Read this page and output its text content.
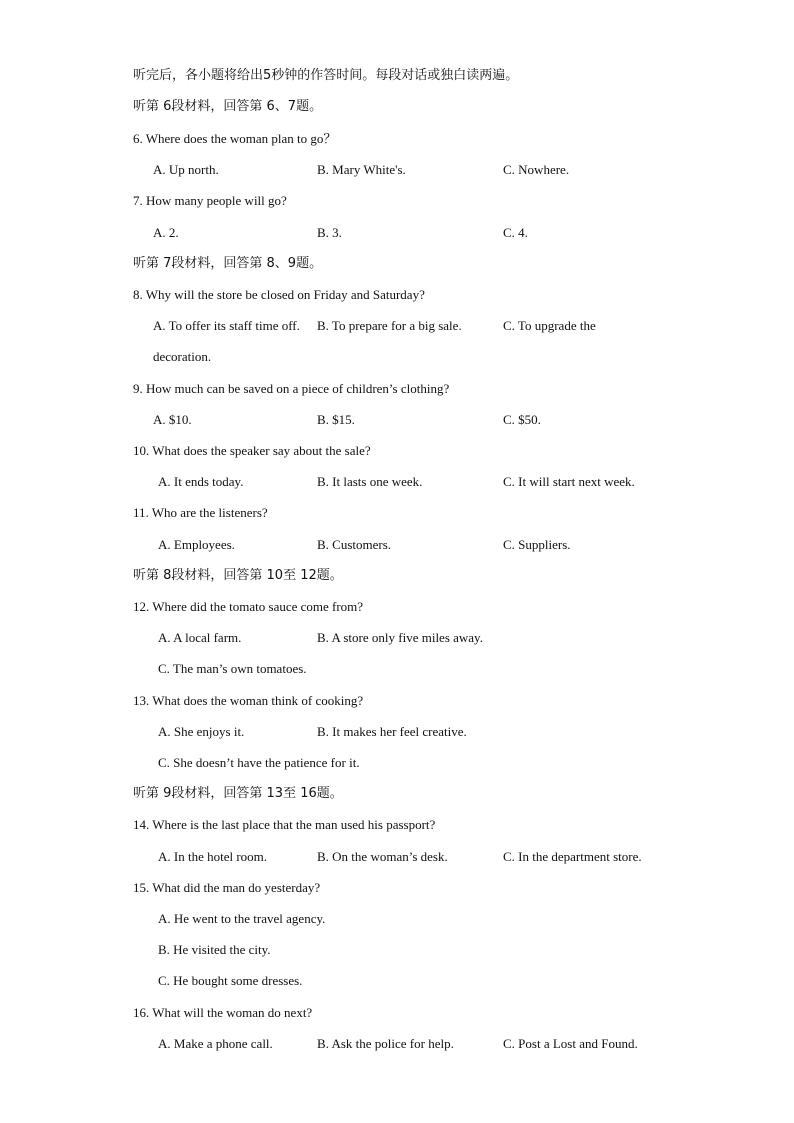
听完后，各小题将给出5秒钟的作答时间。每段对话或独白读两遍。
听第 6段材料，回答第 6、7题。
6. Where does the woman plan to go？
A. Up north.	B. Mary White's.	C. Nowhere.
7. How many people will go?
A. 2.	B. 3.	C. 4.
听第 7段材料，回答第 8、9题。
8. Why will the store be closed on Friday and Saturday?
A. To offer its staff time off. B. To prepare for a big sale.	C. To upgrade the
decoration.
9. How much can be saved on a piece of children’s clothing?
A. $10.	B. $15.	C. $50.
10. What does the speaker say about the sale?
A. It ends today.	B. It lasts one week.	C. It will start next week.
11. Who are the listeners?
A. Employees.	B. Customers.	C. Suppliers.
听第 8段材料，回答第 10至 12题。
12. Where did the tomato sauce come from?
A. A local farm.	B. A store only five miles away.
C. The man’s own tomatoes.
13. What does the woman think of cooking?
A. She enjoys it.	B. It makes her feel creative.
C. She doesn’t have the patience for it.
听第 9段材料，回答第 13至 16题。
14. Where is the last place that the man used his passport?
A. In the hotel room.	B. On the woman’s desk.	C. In the department store.
15. What did the man do yesterday?
A. He went to the travel agency.
B. He visited the city.
C. He bought some dresses.
16. What will the woman do next?
A. Make a phone call.	B. Ask the police for help.	C. Post a Lost and Found.
